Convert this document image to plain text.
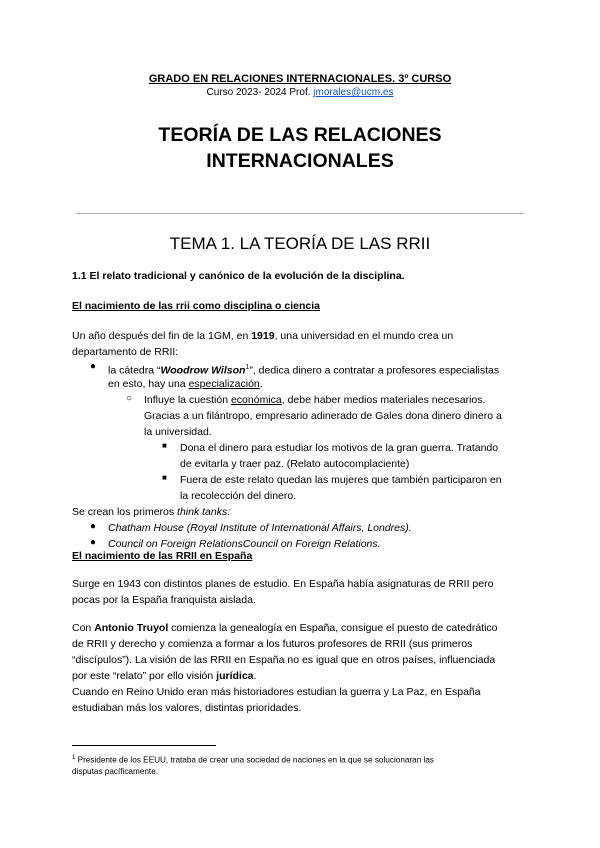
GRADO EN RELACIONES INTERNACIONALES. 3º CURSO
Curso 2023- 2024 Prof. jmorales@ucm.es
TEORÍA DE LAS RELACIONES
INTERNACIONALES
TEMA 1. LA TEORÍA DE LAS RRII
1.1 El relato tradicional y canónico de la evolución de la disciplina.
El nacimiento de las rrii como disciplina o ciencia
Un año después del fin de la 1GM, en 1919, una universidad en el mundo crea un
departamento de RRII:
● la cátedra “Woodrow Wilson$^1$”, dedica dinero a contratar a profesores especialistas
en esto, hay una especialización.
○ Influye la cuestión económica, debe haber medios materiales necesarios.
Gracias a un filántropo, empresario adinerado de Gales dona dinero dinero a
la universidad.
■ Dona el dinero para estudiar los motivos de la gran guerra. Tratando
de evitarla y traer paz. (Relato autocomplaciente)
■ Fuera de este relato quedan las mujeres que también participaron en
la recolección del dinero.
Se crean los primeros think tanks:
● Chatham House (Royal Institute of International Affairs, Londres).
● Council on Foreign RelationsCouncil on Foreign Relations.
El nacimiento de las RRII en España
Surge en 1943 con distintos planes de estudio. En España había asignaturas de RRII pero
pocas por la España franquista aislada.
Con Antonio Truyol comienza la genealogía en España, consigue el puesto de catedrático
de RRII y derecho y comienza a formar a los futuros profesores de RRII (sus primeros
“discípulos”). La visión de las RRII en España no es igual que en otros países, influenciada
por este “relato” por ello visión jurídica.
Cuando en Reino Unido eran más historiadores estudian la guerra y La Paz, en España
estudiaban más los valores, distintas prioridades.
$^1$ Presidente de los EEUU, trataba de crear una sociedad de naciones en la que se solucionaran las
disputas pacíficamente.
